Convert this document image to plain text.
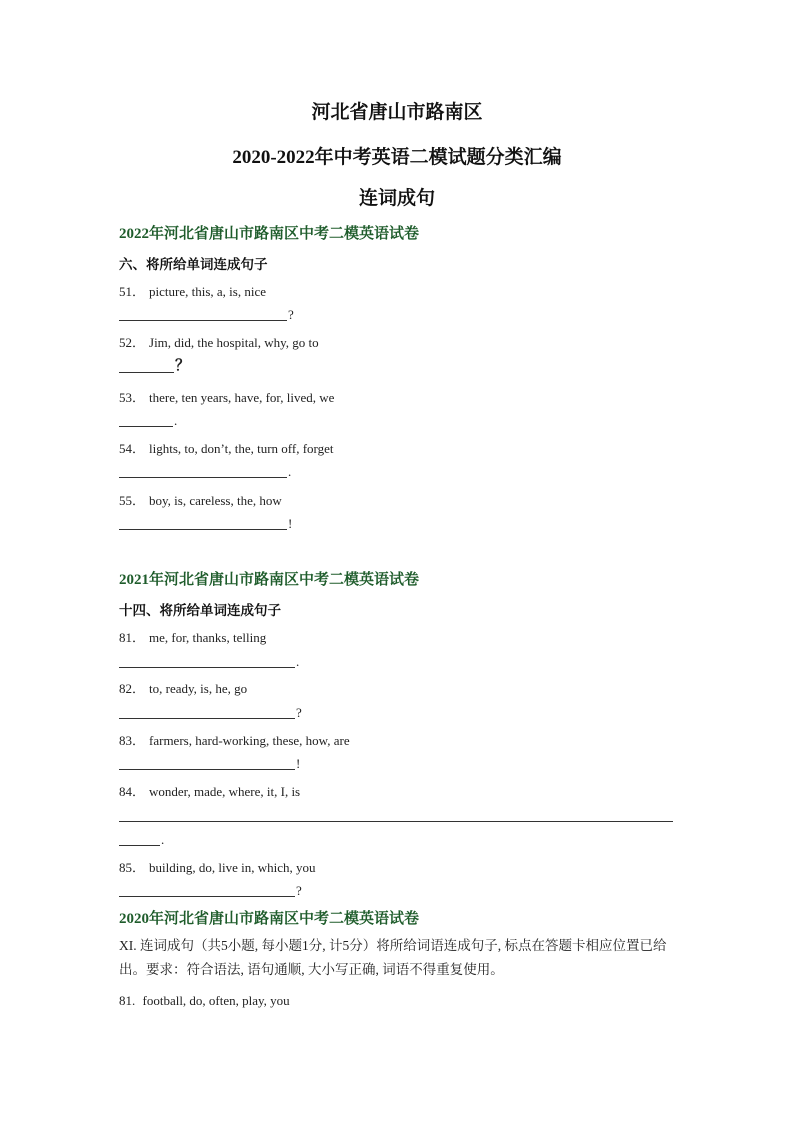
河北省唐山市路南区
2020-2022年中考英语二模试题分类汇编
连词成句
2022年河北省唐山市路南区中考二模英语试卷
六、将所给单词连成句子
51． picture, this, a, is, nice
?
52． Jim, did, the hospital, why, go to
？
53． there, ten years, have, for, lived, we
.
54． lights, to, don’t, the, turn off, forget
.
55． boy, is, careless, the, how
!
2021年河北省唐山市路南区中考二模英语试卷
十四、将所给单词连成句子
81． me, for, thanks, telling
.
82． to, ready, is, he, go
?
83． farmers, hard-working, these, how, are
!
84． wonder, made, where, it, I, is
.
85． building, do, live in, which, you
?
2020年河北省唐山市路南区中考二模英语试卷

XI. 连词成句（共5小题, 每小题1分, 计5分）将所给词语连成句子, 标点在答题卡相应位置已给出。要求：符合语法, 语句通顺, 大小写正确, 词语不得重复使用。

81. football, do, often, play, you
